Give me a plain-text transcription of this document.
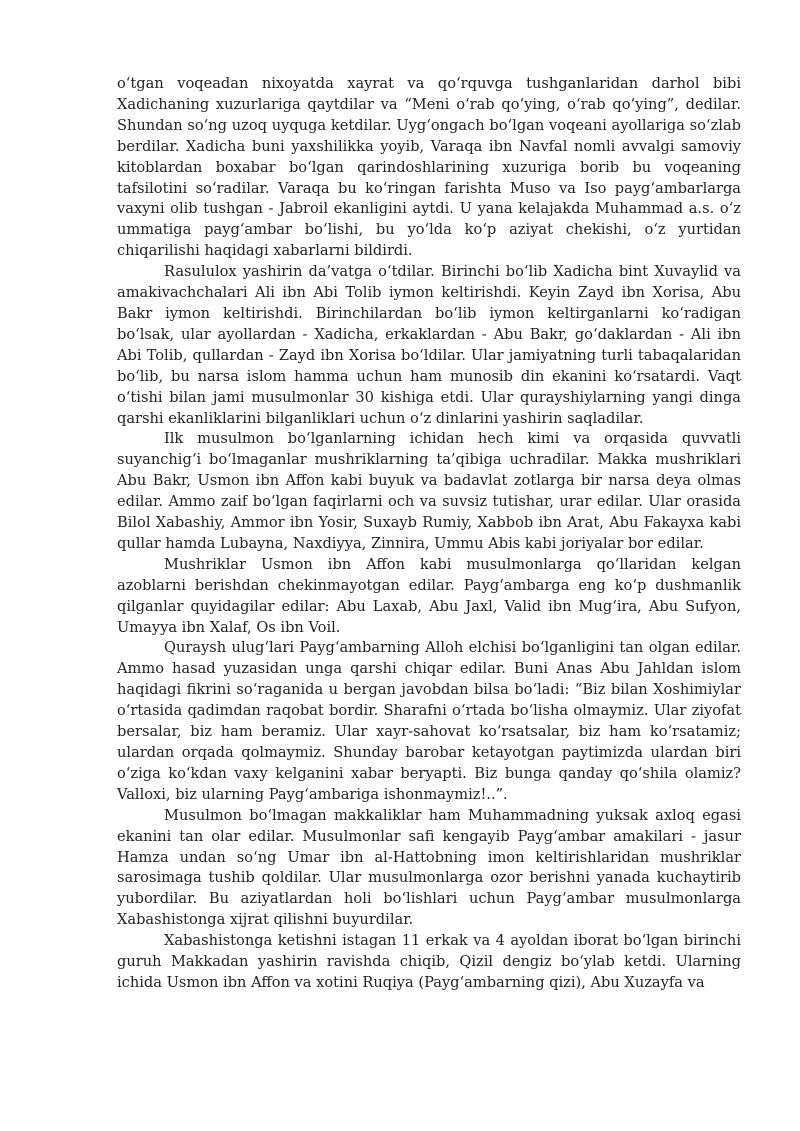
o‘tgan voqeadan nixoyatda xayrat va qo‘rquvga tushganlaridan darhol bibi Xadichaning xuzurlariga qaytdilar va “Meni o‘rab qo‘ying, o‘rab qo‘ying”, dedilar. Shundan so‘ng uzoq uyquga ketdilar. Uyg‘ongach bo‘lgan voqeani ayollariga so‘zlab berdilar. Xadicha buni yaxshilikka yoyib, Varaqa ibn Navfal nomli avvalgi samoviy kitoblardan boxabar bo‘lgan qarindoshlarining xuzuriga borib bu voqeaning tafsilotini so‘radilar. Varaqa bu ko‘ringan farishta Muso va Iso payg‘ambarlarga vaxyni olib tushgan - Jabroil ekanligini aytdi. U yana kelajakda Muhammad a.s. o‘z ummatiga payg‘ambar bo‘lishi, bu yo‘lda ko‘p aziyat chekishi, o‘z yurtidan chiqarilishi haqidagi xabarlarni bildirdi.

Rasululox yashirin da’vatga o‘tdilar. Birinchi bo‘lib Xadicha bint Xuvaylid va amakivachchalari Ali ibn Abi Tolib iymon keltirishdi. Keyin Zayd ibn Xorisa, Abu Bakr iymon keltirishdi. Birinchilardan bo‘lib iymon keltirganlarni ko‘radigan bo‘lsak, ular ayollardan - Xadicha, erkaklardan - Abu Bakr, go‘daklardan - Ali ibn Abi Tolib, qullardan - Zayd ibn Xorisa bo‘ldilar. Ular jamiyatning turli tabaqalaridan bo‘lib, bu narsa islom hamma uchun ham munosib din ekanini ko‘rsatardi. Vaqt o‘tishi bilan jami musulmonlar 30 kishiga etdi. Ular qurayshiylarning yangi dinga qarshi ekanliklarini bilganliklari uchun o‘z dinlarini yashirin saqladilar.

Ilk musulmon bo‘lganlarning ichidan hech kimi va orqasida quvvatli suyanchig‘i bo‘lmaganlar mushriklarning ta’qibiga uchradilar. Makka mushriklari Abu Bakr, Usmon ibn Affon kabi buyuk va badavlat zotlarga bir narsa deya olmas edilar. Ammo zaif bo‘lgan faqirlarni och va suvsiz tutishar, urar edilar. Ular orasida Bilol Xabashiy, Ammor ibn Yosir, Suxayb Rumiy, Xabbob ibn Arat, Abu Fakayxa kabi qullar hamda Lubayna, Naxdiyya, Zinnira, Ummu Abis kabi joriyalar bor edilar.

Mushriklar Usmon ibn Affon kabi musulmonlarga qo‘llaridan kelgan azoblarni berishdan chekinmayotgan edilar. Payg‘ambarga eng ko‘p dushmanlik qilganlar quyidagilar edilar: Abu Laxab, Abu Jaxl, Valid ibn Mug‘ira, Abu Sufyon, Umayya ibn Xalaf, Os ibn Voil.

Quraysh ulug‘lari Payg‘ambarning Alloh elchisi bo‘lganligini tan olgan edilar. Ammo hasad yuzasidan unga qarshi chiqar edilar. Buni Anas Abu Jahldan islom haqidagi fikrini so‘raganida u bergan javobdan bilsa bo‘ladi: “Biz bilan Xoshimiylar o‘rtasida qadimdan raqobat bordir. Sharafni o‘rtada bo‘lisha olmaymiz. Ular ziyofat bersalar, biz ham beramiz. Ular xayr-sahovat ko‘rsatsalar, biz ham ko‘rsatamiz; ulardan orqada qolmaymiz. Shunday barobar ketayotgan paytimizda ulardan biri o‘ziga ko‘kdan vaxy kelganini xabar beryapti. Biz bunga qanday qo‘shila olamiz? Valloxi, biz ularning Payg‘ambariga ishonmaymiz!..”.

Musulmon bo‘lmagan makkaliklar ham Muhammadning yuksak axloq egasi ekanini tan olar edilar. Musulmonlar safi kengayib Payg‘ambar amakilari - jasur Hamza undan so‘ng Umar ibn al-Hattobning imon keltirishlaridan mushriklar sarosimaga tushib qoldilar. Ular musulmonlarga ozor berishni yanada kuchaytirib yubordilar. Bu aziyatlardan holi bo‘lishlari uchun Payg‘ambar musulmonlarga Xabashistonga xijrat qilishni buyurdilar.

Xabashistonga ketishni istagan 11 erkak va 4 ayoldan iborat bo‘lgan birinchi guruh Makkadan yashirin ravishda chiqib, Qizil dengiz bo‘ylab ketdi. Ularning ichida Usmon ibn Affon va xotini Ruqiya (Payg‘ambarning qizi), Abu Xuzayfa va
